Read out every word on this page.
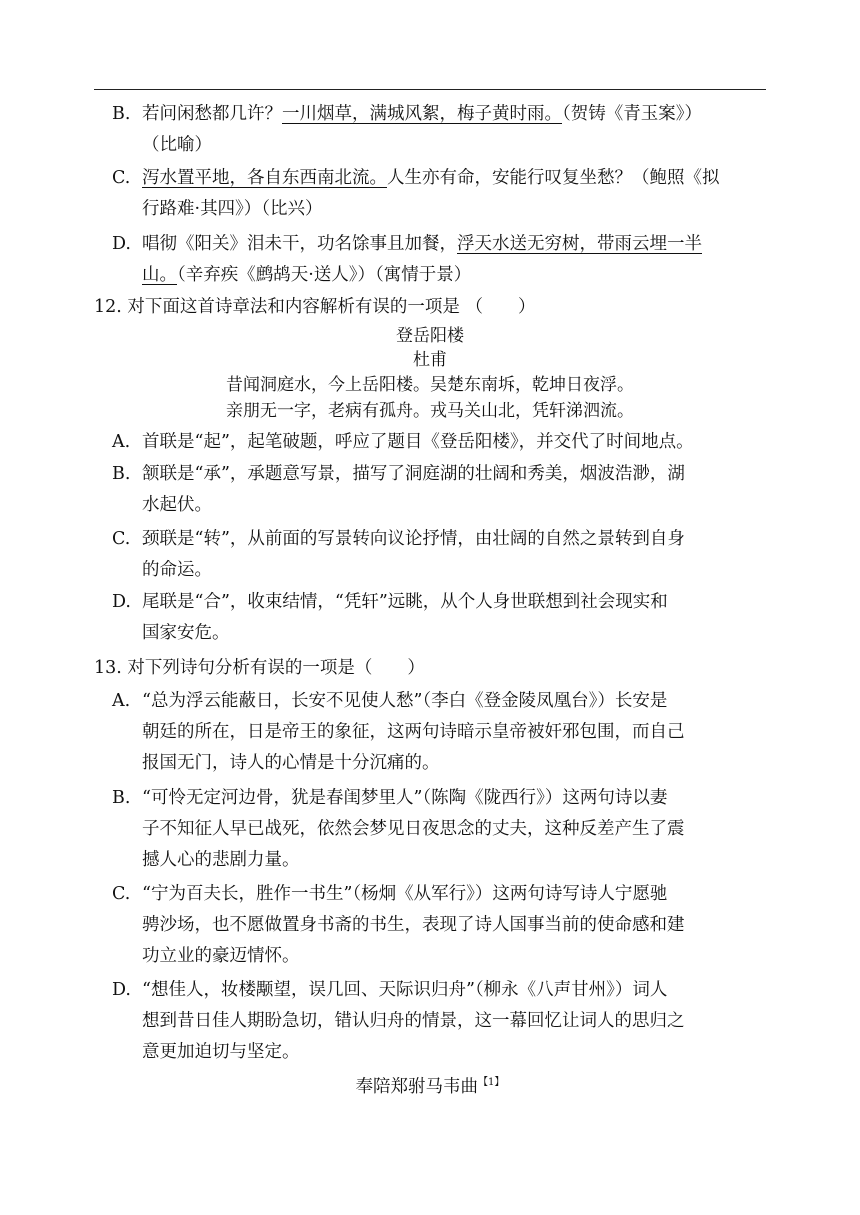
B. 若问闲愁都几许？一川烟草，满城风絮，梅子黄时雨。（贺铸《青玉案》）
（比喻）
C. 泻水置平地，各自东西南北流。人生亦有命，安能行叹复坐愁？（鲍照《拟
行路难·其四》）（比兴）
D. 唱彻《阳关》泪未干，功名馀事且加餐，浮天水送无穷树，带雨云埋一半
山。（辛弃疾《鹧鸪天·送人》）（寓情于景）
12. 对下面这首诗章法和内容解析有误的一项是 （　　）
登岳阳楼
杜甫
昔闻洞庭水，今上岳阳楼。吴楚东南坼，乾坤日夜浮。
亲朋无一字，老病有孤舟。戎马关山北，凭轩涕泗流。
A. 首联是“起”，起笔破题，呼应了题目《登岳阳楼》，并交代了时间地点。
B. 颔联是“承”，承题意写景，描写了洞庭湖的壮阔和秀美，烟波浩渺，湖
水起伏。
C. 颈联是“转”，从前面的写景转向议论抒情，由壮阔的自然之景转到自身
的命运。
D. 尾联是“合”，收束结情，“凭轩”远眺，从个人身世联想到社会现实和
国家安危。
13. 对下列诗句分析有误的一项是（　　）
A. “总为浮云能蔽日，长安不见使人愁”（李白《登金陵凤凰台》）长安是
朝廷的所在，日是帝王的象征，这两句诗暗示皇帝被奸邪包围，而自己
报国无门，诗人的心情是十分沉痛的。
B. “可怜无定河边骨，犹是春闺梦里人”（陈陶《陇西行》）这两句诗以妻
子不知征人早已战死，依然会梦见日夜思念的丈夫，这种反差产生了震
撼人心的悲剧力量。
C. “宁为百夫长，胜作一书生”（杨炯《从军行》）这两句诗写诗人宁愿驰
骋沙场，也不愿做置身书斋的书生，表现了诗人国事当前的使命感和建
功立业的豪迈情怀。
D. “想佳人，妆楼颙望，误几回、天际识归舟”（柳永《八声甘州》）词人
想到昔日佳人期盼急切，错认归舟的情景，这一幕回忆让词人的思归之
意更加迫切与坚定。
奉陪郑驸马韦曲$^{【1】}$
